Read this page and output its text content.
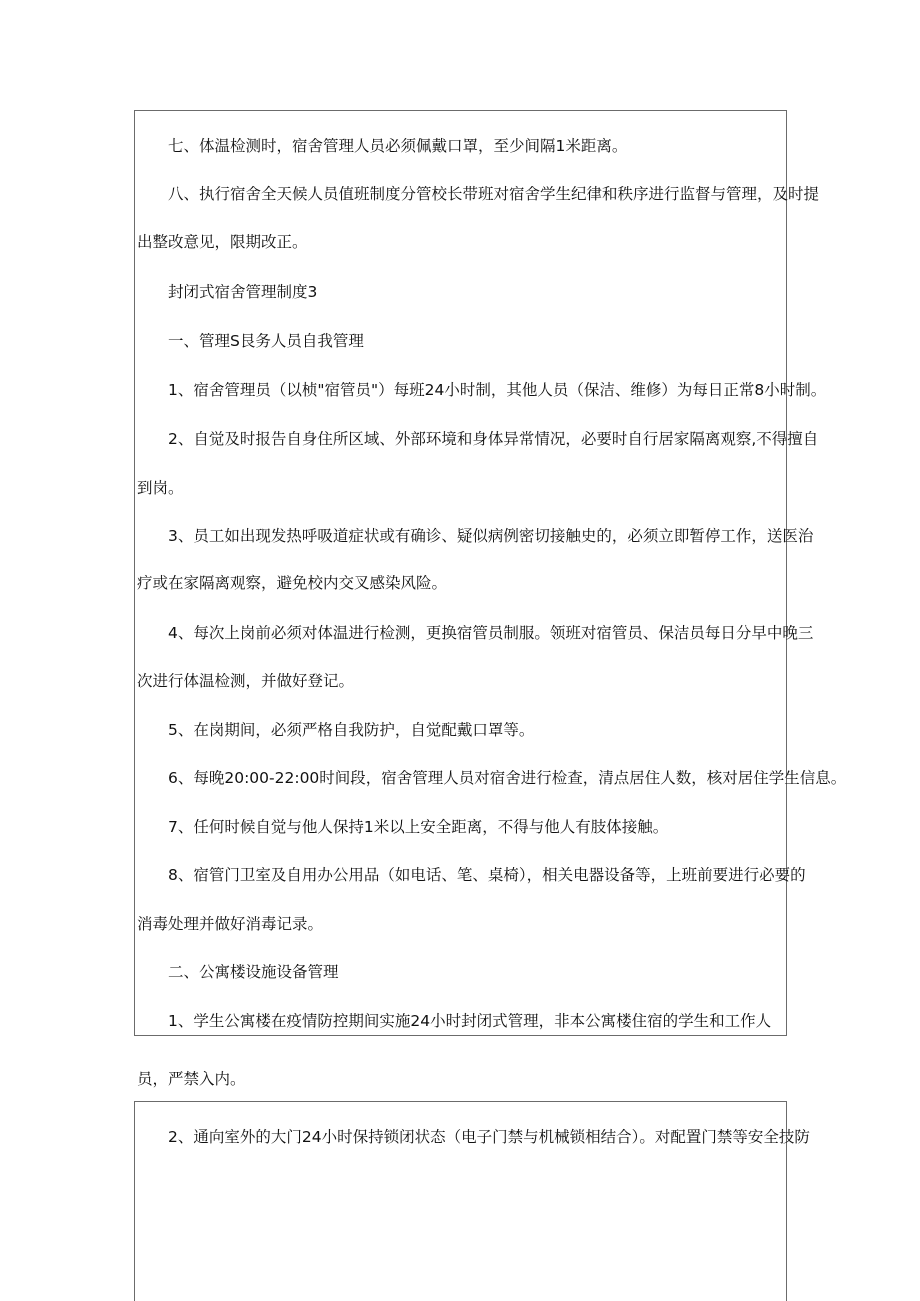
七、体温检测时，宿舍管理人员必须佩戴口罩，至少间隔1米距离。
八、执行宿舍全天候人员值班制度分管校长带班对宿舍学生纪律和秩序进行监督与管理，及时提
出整改意见，限期改正。
封闭式宿舍管理制度3
一、管理S艮务人员自我管理
1、宿舍管理员（以桢"宿管员"）每班24小时制，其他人员（保洁、维修）为每日正常8小时制。
2、自觉及时报告自身住所区域、外部环境和身体异常情况，必要时自行居家隔离观察,不得擅自
到岗。
3、员工如出现发热呼吸道症状或有确诊、疑似病例密切接触史的，必须立即暂停工作，送医治
疗或在家隔离观察，避免校内交叉感染风险。
4、每次上岗前必须对体温进行检测，更换宿管员制服。领班对宿管员、保洁员每日分早中晚三
次进行体温检测，并做好登记。
5、在岗期间，必须严格自我防护，自觉配戴口罩等。
6、每晚20:00-22:00时间段，宿舍管理人员对宿舍进行检查，清点居住人数，核对居住学生信息。
7、任何时候自觉与他人保持1米以上安全距离，不得与他人有肢体接触。
8、宿管门卫室及自用办公用品（如电话、笔、桌椅），相关电器设备等，上班前要进行必要的
消毒处理并做好消毒记录。
二、公寓楼设施设备管理
1、学生公寓楼在疫情防控期间实施24小时封闭式管理，非本公寓楼住宿的学生和工作人
员，严禁入内。
2、通向室外的大门24小时保持锁闭状态（电子门禁与机械锁相结合）。对配置门禁等安全技防
